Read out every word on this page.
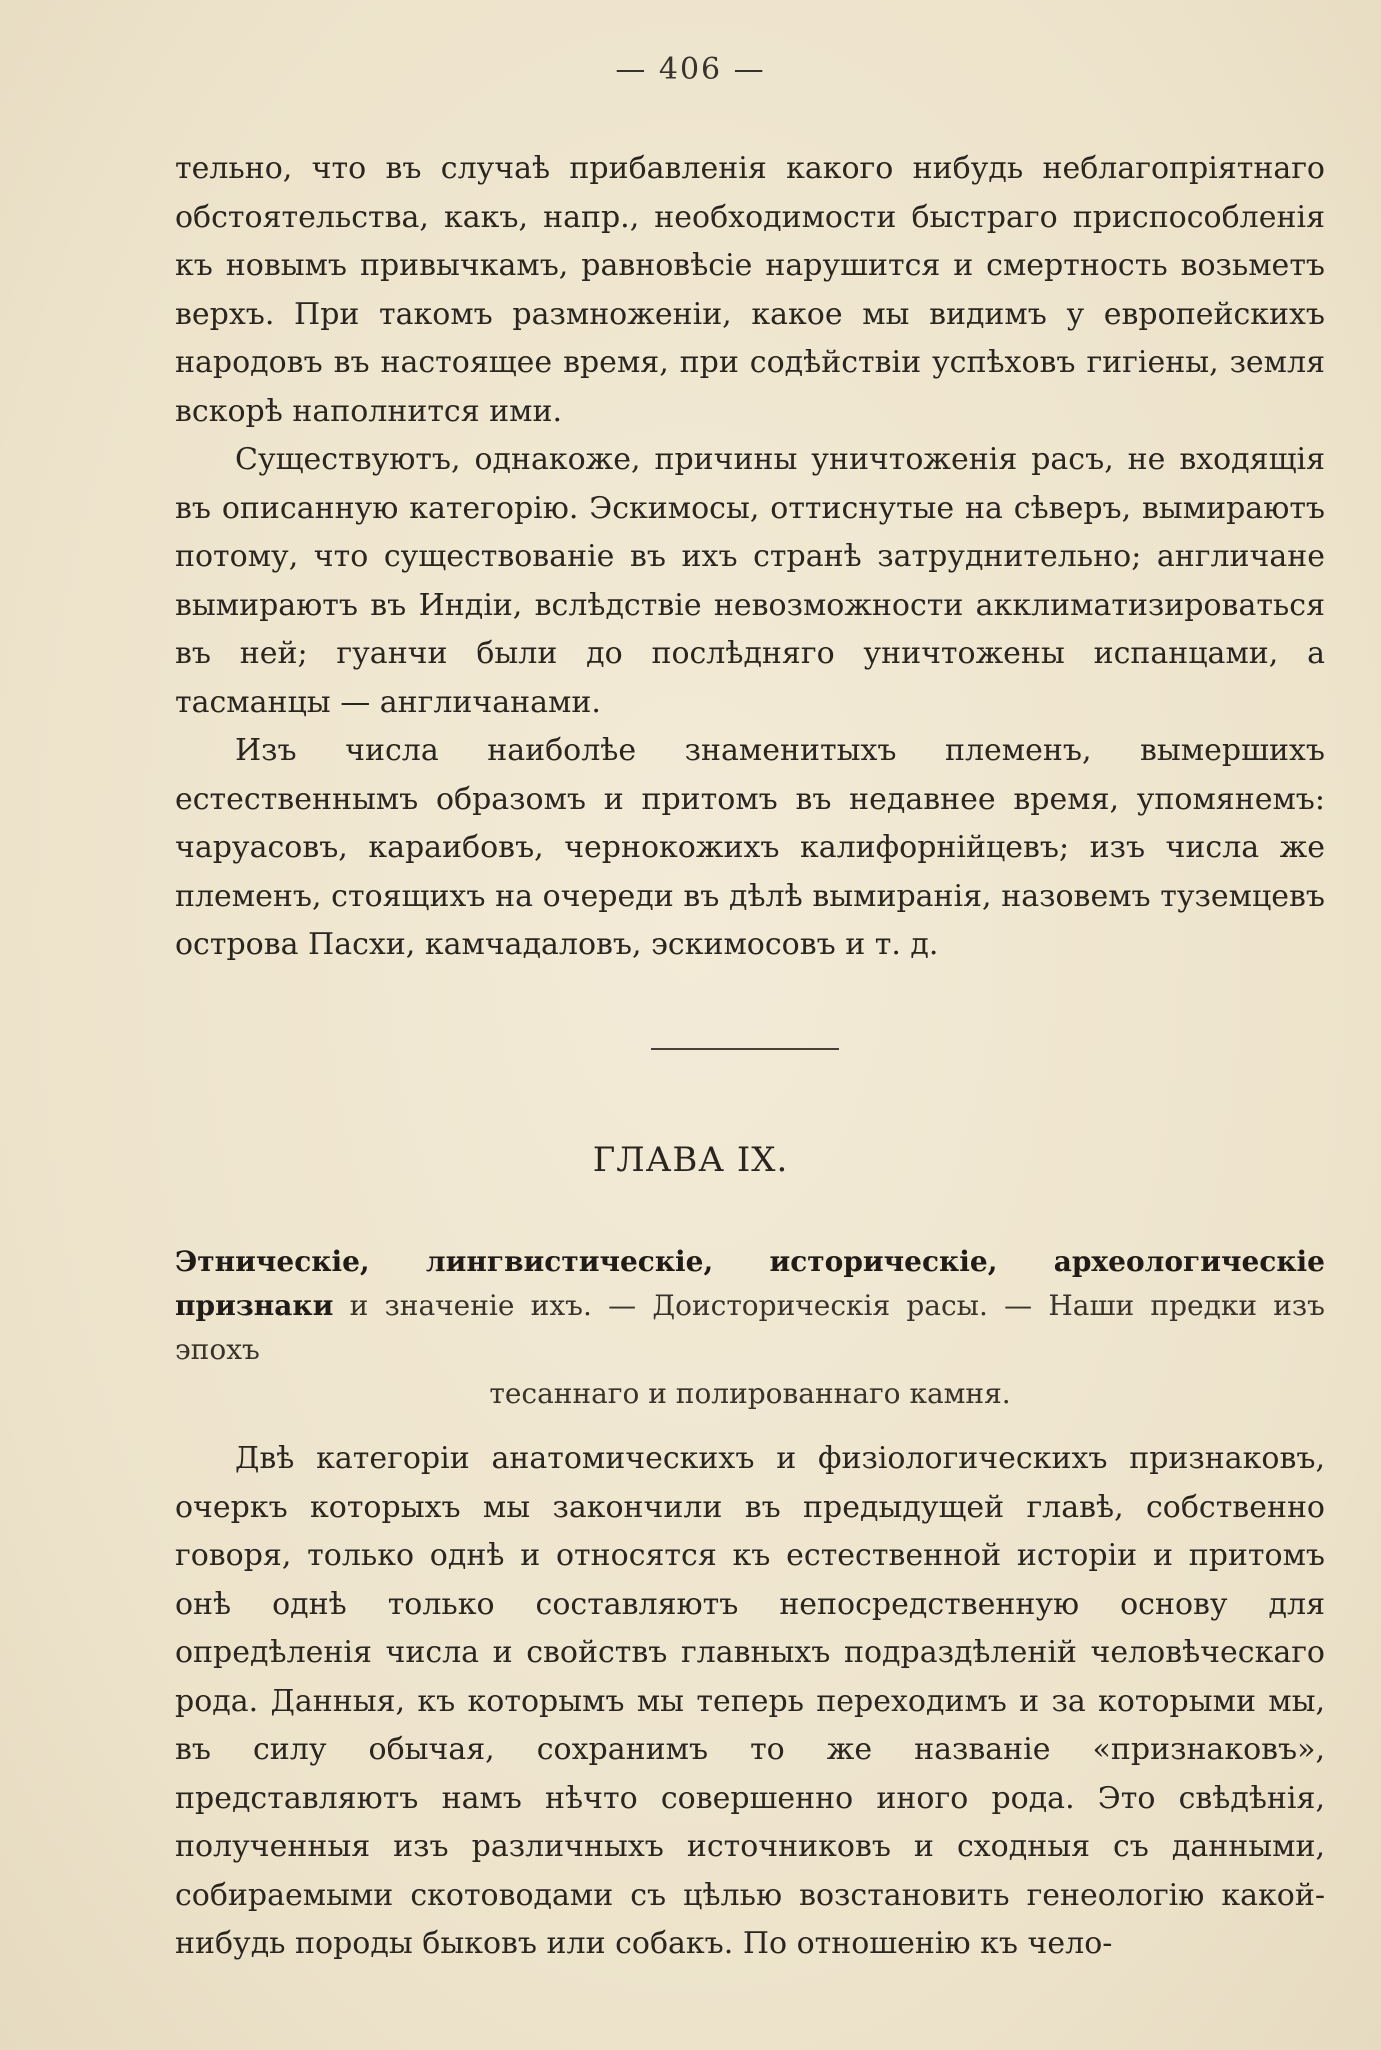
— 406 —

тельно, что въ случаѣ прибавленія какого нибудь неблагопріятнаго обстоятельства, какъ, напр., необходимости быстраго приспособленія къ новымъ привычкамъ, равновѣсіе нарушится и смертность возьметъ верхъ. При такомъ размноженіи, какое мы видимъ у европейскихъ народовъ въ настоящее время, при содѣйствіи успѣховъ гигіены, земля вскорѣ наполнится ими.

Существуютъ, однакоже, причины уничтоженія расъ, не входящія въ описанную категорію. Эскимосы, оттиснутые на сѣверъ, вымираютъ потому, что существованіе въ ихъ странѣ затруднительно; англичане вымираютъ въ Индіи, вслѣдствіе невозможности акклиматизироваться въ ней; гуанчи были до послѣдняго уничтожены испанцами, а тасманцы — англичанами.

Изъ числа наиболѣе знаменитыхъ племенъ, вымершихъ естественнымъ образомъ и притомъ въ недавнее время, упомянемъ: чаруасовъ, караибовъ, чернокожихъ калифорнійцевъ; изъ числа же племенъ, стоящихъ на очереди въ дѣлѣ вымиранія, назовемъ туземцевъ острова Пасхи, камчадаловъ, эскимосовъ и т. д.

ГЛАВА IX.
Этническіе, лингвистическіе, историческіе, археологическіе признаки и значеніе ихъ. — Доисторическія расы. — Наши предки изъ эпохъ
тесаннаго и полированнаго камня.

Двѣ категоріи анатомическихъ и физіологическихъ признаковъ, очеркъ которыхъ мы закончили въ предыдущей главѣ, собственно говоря, только однѣ и относятся къ естественной исторіи и притомъ онѣ однѣ только составляютъ непосредственную основу для опредѣленія числа и свойствъ главныхъ подраздѣленій человѣческаго рода. Данныя, къ которымъ мы теперь переходимъ и за которыми мы, въ силу обычая, сохранимъ то же названіе «признаковъ», представляютъ намъ нѣчто совершенно иного рода. Это свѣдѣнія, полученныя изъ различныхъ источниковъ и сходныя съ данными, собираемыми скотоводами съ цѣлью возстановить генеологію какой-нибудь породы быковъ или собакъ. По отношенію къ чело-
